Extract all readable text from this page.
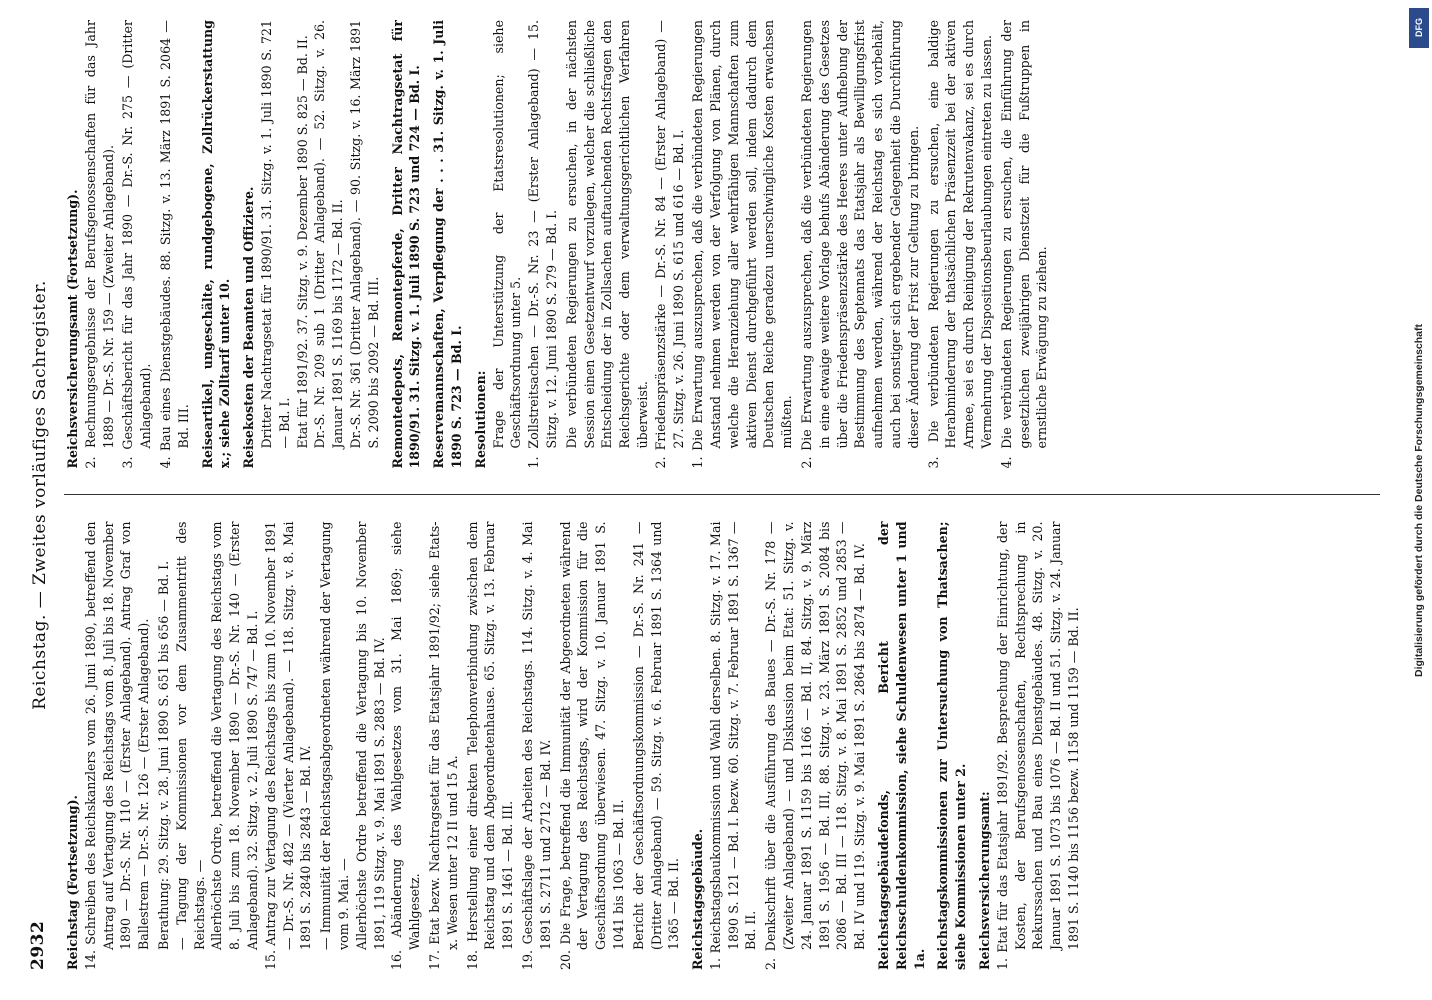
2932
Reichstag. — Zweites vorläufiges Sachregister.
Reichstag (Fortsetzung). 14. Schreiben des Reichskanzlers vom 26. Juni 1890, betreffend den Antrag auf Vertagung des Reichstags vom 8. Juli bis 18. November 1890 — Dr.-S. Nr. 110 — (Erster Anlageband). Antrag Graf von Ballestrem — Dr.-S. Nr. 126 — (Erster Anlageband). Berathung: 29. Sitzg. v. 28. Juni 1890 S. 651 bis 656 — Bd. I. — Tagung der Kommissionen vor dem Zusammentritt des Reichstags. — Allerhöchste Ordre, betreffend die Vertagung des Reichstags vom 8. Juli bis zum 18. November 1890 — Dr.-S. Nr. 140 — (Erster Anlageband). 32. Sitzg. v. 2. Juli 1890 S. 747 — Bd. I. 15. Antrag zur Vertagung des Reichstags bis zum 10. November 1891 — Dr.-S. Nr. 482 — (Vierter Anlageband). — 118. Sitzg. v. 8. Mai 1891 S. 2840 bis 2843 — Bd. IV. — Immunität der Reichstagsabgeordneten während der Vertagung vom 9. Mai. — Allerhöchste Ordre betreffend die Vertagung bis 10. November 1891, 119 Sitzg. v. 9. Mai 1891 S. 2883 — Bd. IV. 16. Abänderung des Wahlgesetzes vom 31. Mai 1869; siehe Wahlgesetz. 17. Etat bezw. Nachtragsetat für das Etatsjahr 1891/92; siehe Etats- x. Wesen unter 12 II und 15 A. 18. Herstellung einer direkten Telephonverbindung zwischen dem Reichstag und dem Abgeordnetenhause. 65. Sitzg. v. 13. Februar 1891 S. 1461 — Bd. III. 19. Geschäftslage der Arbeiten des Reichstags. 114. Sitzg. v. 4. Mai 1891 S. 2711 und 2712 — Bd. IV. 20. Die Frage, betreffend die Immunität der Abgeordneten während der Vertagung des Reichstags, wird der Kommission für die Geschäftsordnung überwiesen. 47. Sitzg. v. 10. Januar 1891 S. 1041 bis 1063 — Bd. II. Bericht der Geschäftsordnungskommission — Dr.-S. Nr. 241 — (Dritter Anlageband) — 59. Sitzg. v. 6. Februar 1891 S. 1364 und 1365 — Bd. II. Reichstagsgebäude. 1. Reichstagsbaukommission und Wahl derselben. 8. Sitzg. v. 17. Mai 1890 S. 121 — Bd. I. bezw. 60. Sitzg. v. 7. Februar 1891 S. 1367 — Bd. II. 2. Denkschrift über die Ausführung des Baues — Dr.-S. Nr. 178 — (Zweiter Anlageband) — und Diskussion beim Etat: 51. Sitzg. v. 24. Januar 1891 S. 1159 bis 1166 — Bd. II, 84. Sitzg. v. 9. März 1891 S. 1956 — Bd. III, 88. Sitzg. v. 23. März 1891 S. 2084 bis 2086 — Bd. III — 118. Sitzg. v. 8. Mai 1891 S. 2852 und 2853 — Bd. IV und 119. Sitzg. v. 9. Mai 1891 S. 2864 bis 2874 — Bd. IV. Reichstagsgebäudefonds, Bericht der Reichsschuldenkommission, siehe Schuldenwesen unter 1 und 1a. Reichstagskommissionen zur Untersuchung von Thatsachen; siehe Kommissionen unter 2. Reichsversicherungsamt: 1. Etat für das Etatsjahr 1891/92. Besprechung der Einrichtung, der Kosten, der Berufsgenossenschaften, Rechtsprechung in Rekurssachen und Bau eines Dienstgebäudes. 48. Sitzg. v. 20. Januar 1891 S. 1073 bis 1076 — Bd. II und 51. Sitzg. v. 24. Januar 1891 S. 1140 bis 1156 bezw. 1158 und 1159 — Bd. II.
Reichsversicherungsamt (Fortsetzung). 2. Rechnungsergebnisse der Berufsgenossenschaften für das Jahr 1889 — Dr.-S. Nr. 159 — (Zweiter Anlageband). 3. Geschäftsbericht für das Jahr 1890 — Dr.-S. Nr. 275 — (Dritter Anlageband). 4. Bau eines Dienstgebäudes. 88. Sitzg. v. 13. März 1891 S. 2064 — Bd. III. Reiseartikel, ungeschälte, rundgebogene, Zollrückerstattung x.; siehe Zolltarif unter 10. Reisekosten der Beamten und Offiziere. Dritter Nachtragsetat für 1890/91. 31. Sitzg. v. 1. Juli 1890 S. 721 — Bd. I. Etat für 1891/92. 37. Sitzg. v. 9. Dezember 1890 S. 825 — Bd. II. Dr.-S. Nr. 209 sub 1 (Dritter Anlageband). — 52. Sitzg. v. 26. Januar 1891 S. 1169 bis 1172 — Bd. II. Dr.-S. Nr. 361 (Dritter Anlageband). — 90. Sitzg. v. 16. März 1891 S. 2090 bis 2092 — Bd. III. Remontedepots, Remontepferde, Dritter Nachtragsetat für 1890/91. 31. Sitzg. v. 1. Juli 1890 S. 723 und 724 — Bd. I. Reservemannschaften, Verpflegung der . . . 31. Sitzg. v. 1. Juli 1890 S. 723 — Bd. I. Resolutionen: Frage der Unterstützung der Etatsresolutionen; siehe Geschäftsordnung unter 5. 1. Zollstreitsachen — Dr.-S. Nr. 23 — (Erster Anlageband) — 15. Sitzg. v. 12. Juni 1890 S. 279 — Bd. I. Die verbündeten Regierungen zu ersuchen, in der nächsten Session einen Gesetzentwurf vorzulegen, welcher die schließliche Entscheidung der in Zollsachen auftauchenden Rechtsfragen den Reichsgerichte oder dem verwaltungsgerichtlichen Verfahren überweist. 2. Friedenspräsenzstärke — Dr.-S. Nr. 84 — (Erster Anlageband) — 27. Sitzg. v. 26. Juni 1890 S. 615 und 616 — Bd. I. 1. Die Erwartung auszusprechen, daß die verbündeten Regierungen Anstand nehmen werden von der Verfolgung von Plänen, durch welche die Heranziehung aller wehrfähigen Mannschaften zum aktiven Dienst durchgeführt werden soll, indem dadurch dem Deutschen Reiche geradezu unerschwingliche Kosten erwachsen müßten. 2. Die Erwartung auszusprechen, daß die verbündeten Regierungen in eine etwaige weitere Vorlage behufs Abänderung des Gesetzes über die Friedenspräsenzstärke des Heeres unter Aufhebung der Bestimmung des Septennats das Etatsjahr als Bewilligungsfrist aufnehmen werden, während der Reichstag es sich vorbehält, auch bei sonstiger sich ergebender Gelegenheit die Durchführung dieser Änderung der Frist zur Geltung zu bringen. 3. Die verbündeten Regierungen zu ersuchen, eine baldige Herabminderung der thatsächlichen Präsenzzeit bei der aktiven Armee, sei es durch Reinigung der Rekrutenvakanz, sei es durch Vermehrung der Dispositionsbeurlaubungen eintreten zu lassen. 4. Die verbündeten Regierungen zu ersuchen, die Einführung der gesetzlichen zweijährigen Dienstzeit für die Fußtruppen in ernstliche Erwägung zu ziehen.	Digitalisierung gefördert durch die Deutsche Forschungsgemeinschaft
DFG
